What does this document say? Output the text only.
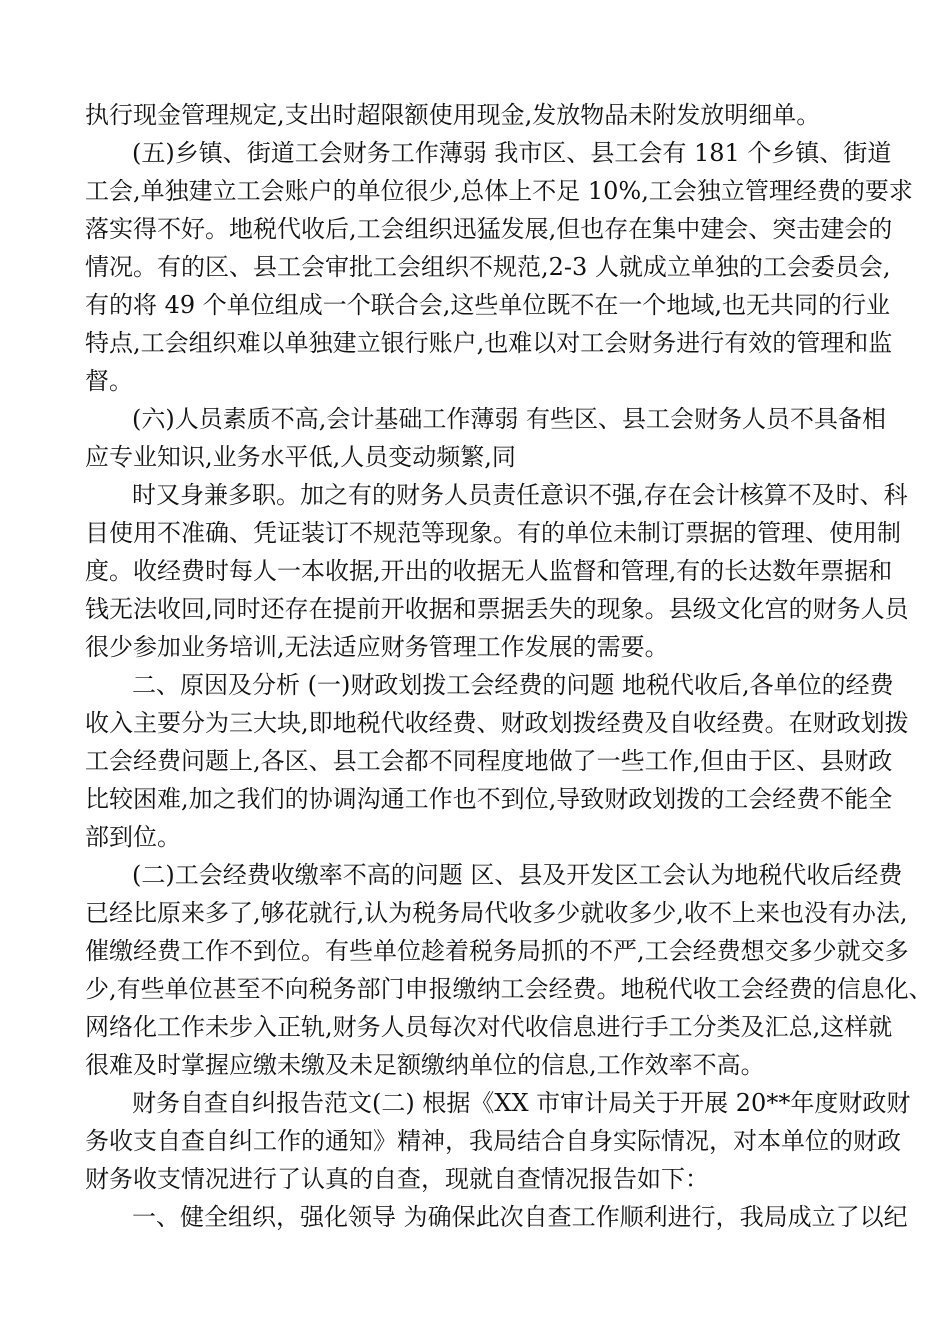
执行现金管理规定,支出时超限额使用现金,发放物品未附发放明细单。

(五)乡镇、街道工会财务工作薄弱 我市区、县工会有 181 个乡镇、街道

工会,单独建立工会账户的单位很少,总体上不足 10%,工会独立管理经费的要求

落实得不好。地税代收后,工会组织迅猛发展,但也存在集中建会、突击建会的

情况。有的区、县工会审批工会组织不规范,2-3 人就成立单独的工会委员会,

有的将 49 个单位组成一个联合会,这些单位既不在一个地域,也无共同的行业

特点,工会组织难以单独建立银行账户,也难以对工会财务进行有效的管理和监

督。

(六)人员素质不高,会计基础工作薄弱 有些区、县工会财务人员不具备相

应专业知识,业务水平低,人员变动频繁,同

时又身兼多职。加之有的财务人员责任意识不强,存在会计核算不及时、科

目使用不准确、凭证装订不规范等现象。有的单位未制订票据的管理、使用制

度。收经费时每人一本收据,开出的收据无人监督和管理,有的长达数年票据和

钱无法收回,同时还存在提前开收据和票据丢失的现象。县级文化宫的财务人员

很少参加业务培训,无法适应财务管理工作发展的需要。

二、原因及分析 (一)财政划拨工会经费的问题 地税代收后,各单位的经费

收入主要分为三大块,即地税代收经费、财政划拨经费及自收经费。在财政划拨

工会经费问题上,各区、县工会都不同程度地做了一些工作,但由于区、县财政

比较困难,加之我们的协调沟通工作也不到位,导致财政划拨的工会经费不能全

部到位。

(二)工会经费收缴率不高的问题 区、县及开发区工会认为地税代收后经费

已经比原来多了,够花就行,认为税务局代收多少就收多少,收不上来也没有办法,

催缴经费工作不到位。有些单位趁着税务局抓的不严,工会经费想交多少就交多

少,有些单位甚至不向税务部门申报缴纳工会经费。地税代收工会经费的信息化、

网络化工作未步入正轨,财务人员每次对代收信息进行手工分类及汇总,这样就

很难及时掌握应缴未缴及未足额缴纳单位的信息,工作效率不高。

财务自查自纠报告范文(二) 根据《XX 市审计局关于开展 20**年度财政财

务收支自查自纠工作的通知》精神，我局结合自身实际情况，对本单位的财政

财务收支情况进行了认真的自查，现就自查情况报告如下：

一、健全组织，强化领导 为确保此次自查工作顺利进行，我局成立了以纪
